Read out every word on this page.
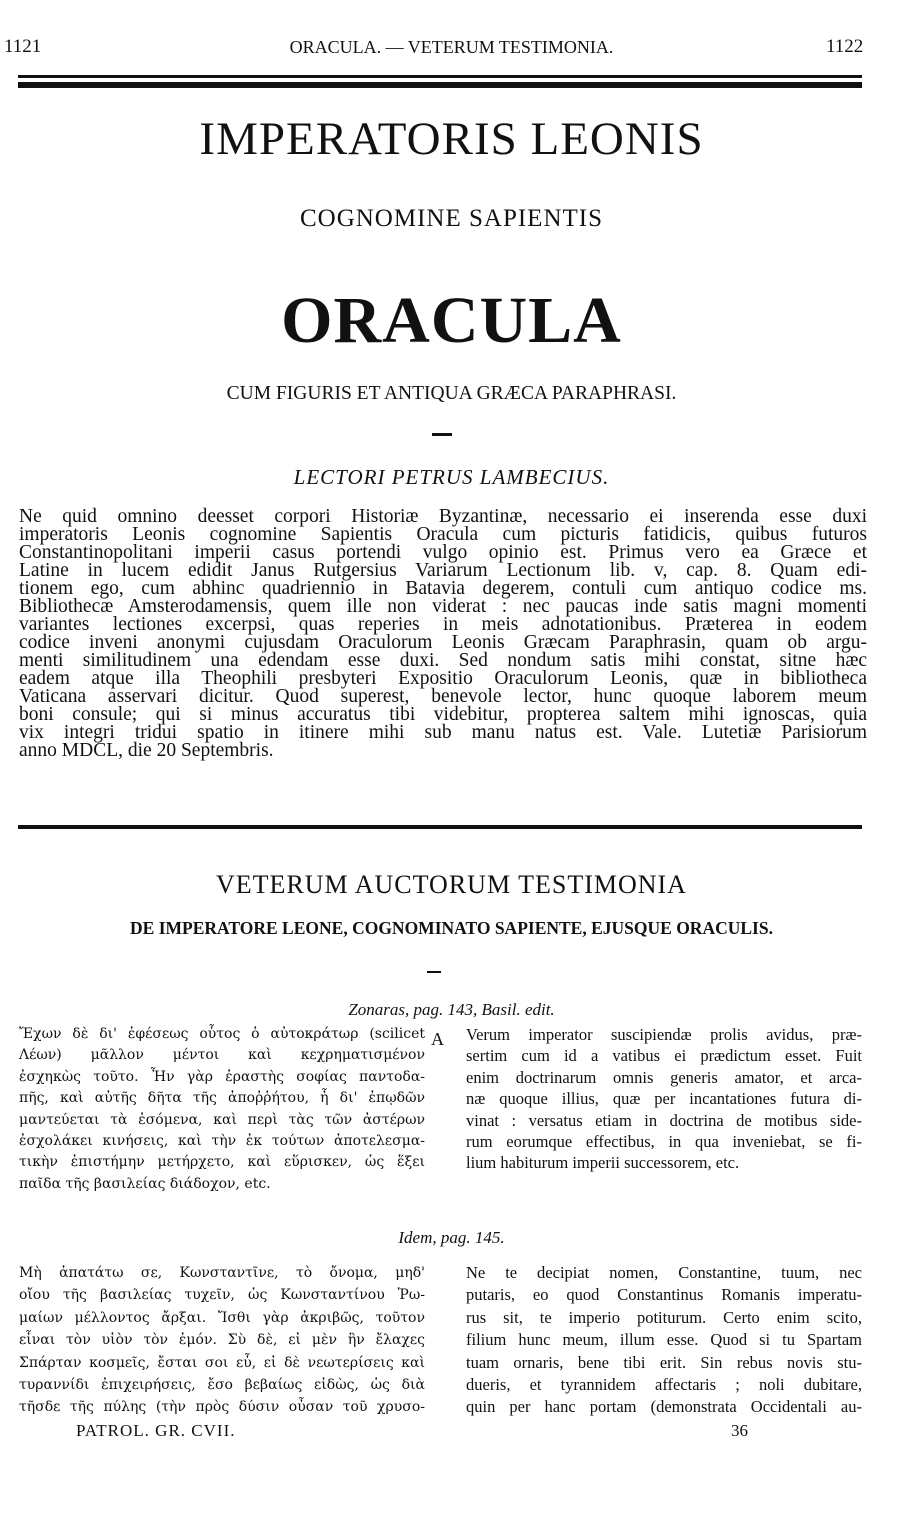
1121	ORACULA. — VETERUM TESTIMONIA.	1122
IMPERATORIS LEONIS
COGNOMINE SAPIENTIS
ORACULA
CUM FIGURIS ET ANTIQUA GRÆCA PARAPHRASI.
LECTORI PETRUS LAMBECIUS.
Ne quid omnino deesset corpori Historiæ Byzantinæ, necessario ei inserenda esse duxi
imperatoris Leonis cognomine Sapientis Oracula cum picturis fatidicis, quibus futuros
Constantinopolitani imperii casus portendi vulgo opinio est. Primus vero ea Græce et
Latine in lucem edidit Janus Rutgersius Variarum Lectionum lib. v, cap. 8. Quam edi-
tionem ego, cum abhinc quadriennio in Batavia degerem, contuli cum antiquo codice ms.
Bibliothecæ Amsterodamensis, quem ille non viderat : nec paucas inde satis magni momenti
variantes lectiones excerpsi, quas reperies in meis adnotationibus. Præterea in eodem
codice inveni anonymi cujusdam Oraculorum Leonis Græcam Paraphrasin, quam ob argu-
menti similitudinem una edendam esse duxi. Sed nondum satis mihi constat, sitne hæc
eadem atque illa Theophili presbyteri Expositio Oraculorum Leonis, quæ in bibliotheca
Vaticana asservari dicitur. Quod superest, benevole lector, hunc quoque laborem meum
boni consule; qui si minus accuratus tibi videbitur, propterea saltem mihi ignoscas, quia
vix integri tridui spatio in itinere mihi sub manu natus est. Vale. Lutetiæ Parisiorum
anno MDCL, die 20 Septembris.
VETERUM AUCTORUM TESTIMONIA
DE IMPERATORE LEONE, COGNOMINATO SAPIENTE, EJUSQUE ORACULIS.
Zonaras, pag. 143, Basil. edit.
Ἔχων δὲ δι' ἐφέσεως οὗτος ὁ αὐτοκράτωρ (scilicet
Λέων) μᾶλλον μέντοι καὶ κεχρηματισμένον
ἐσχηκὼς τοῦτο. Ἦν γὰρ ἐραστὴς σοφίας παντοδα-
πῆς, καὶ αὐτῆς δῆτα τῆς ἀποῤῥήτου, ἧ δι' ἐπῳδῶν
μαντεύεται τὰ ἐσόμενα, καὶ περὶ τὰς τῶν ἀστέρων
ἐσχολάκει κινήσεις, καὶ τὴν ἐκ τούτων ἀποτελεσμα-
τικὴν ἐπιστήμην μετήρχετο, καὶ εὕρισκεν, ὡς ἕξει
παῖδα τῆς βασιλείας διάδοχον, etc.
A Verum imperator suscipiendæ prolis avidus, præ-
sertim cum id a vatibus ei prædictum esset. Fuit
enim doctrinarum omnis generis amator, et arca-
næ quoque illius, quæ per incantationes futura di-
vinat : versatus etiam in doctrina de motibus side-
rum eorumque effectibus, in qua inveniebat, se fi-
lium habiturum imperii successorem, etc.
Idem, pag. 145.
Μὴ ἀπατάτω σε, Κωνσταντῖνε, τὸ ὄνομα, μηδ'
οἴου τῆς βασιλείας τυχεῖν, ὡς Κωνσταντίνου Ῥω-
μαίων μέλλοντος ἄρξαι. Ἴσθι γὰρ ἀκριβῶς, τοῦτον
εἶναι τὸν υἱὸν τὸν ἐμόν. Σὺ δὲ, εἰ μὲν ἣν ἔλαχες
Σπάρταν κοσμεῖς, ἔσται σοι εὖ, εἰ δὲ νεωτερίσεις καὶ
τυραννίδι ἐπιχειρήσεις, ἔσο βεβαίως εἰδὼς, ὡς διὰ
τῆσδε τῆς πύλης (τὴν πρὸς δύσιν οὖσαν τοῦ χρυσο-
Ne te decipiat nomen, Constantine, tuum, nec
putaris, eo quod Constantinus Romanis imperatu-
rus sit, te imperio potiturum. Certo enim scito,
filium hunc meum, illum esse. Quod si tu Spartam
tuam ornaris, bene tibi erit. Sin rebus novis stu-
dueris, et tyrannidem affectaris ; noli dubitare,
quin per hanc portam (demonstrata Occidentali au-
PATROL. GR. CVII.	36
